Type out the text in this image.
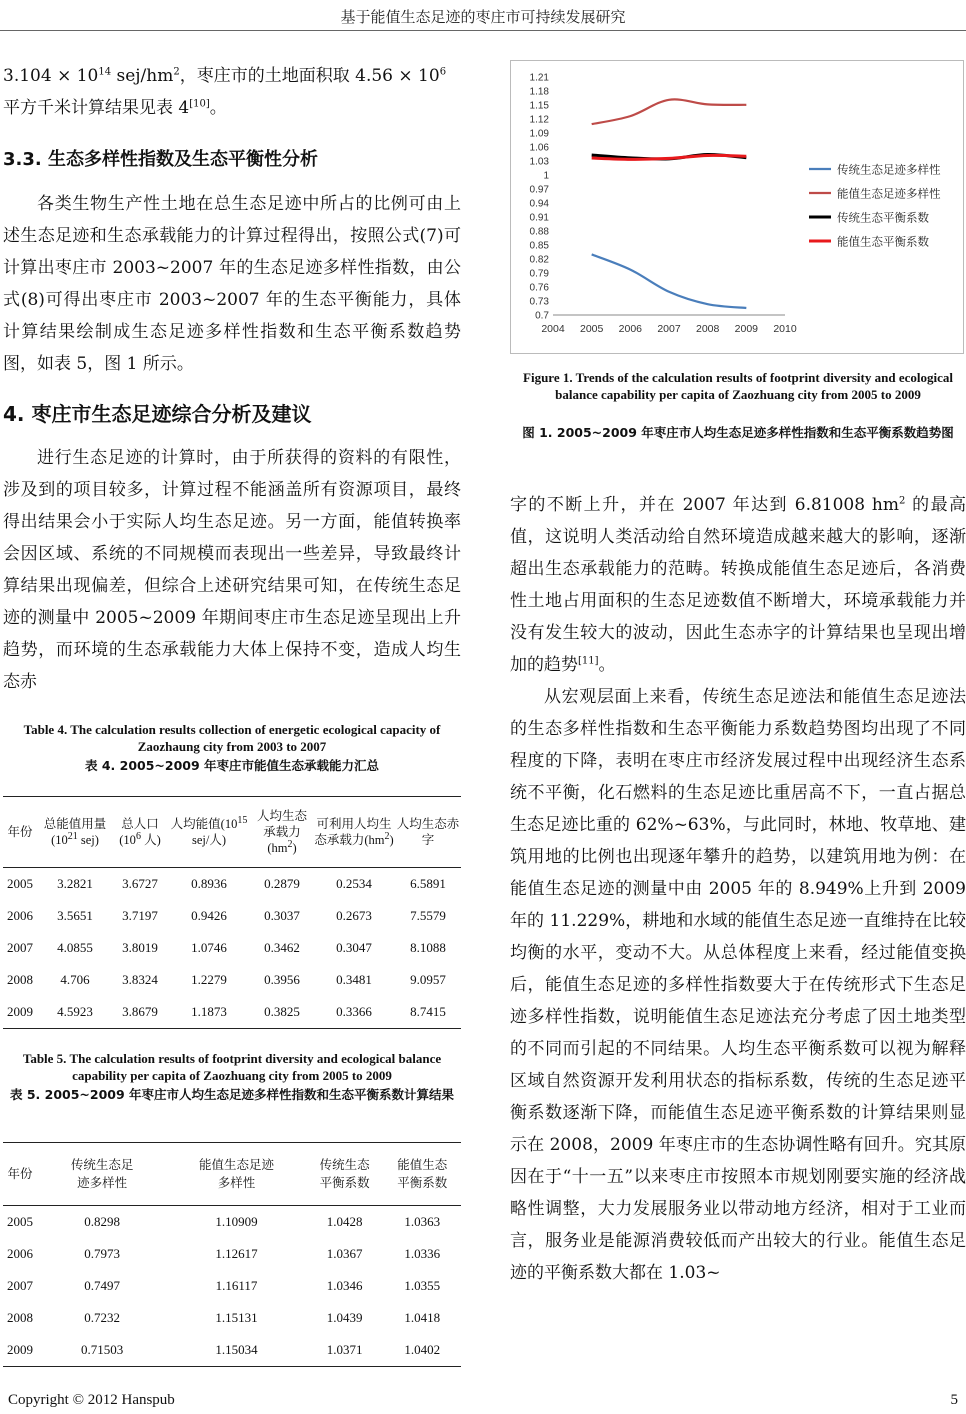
基于能值生态足迹的枣庄市可持续发展研究
$3.104 \times 10^{14}$ sej/$hm^2$，枣庄市的土地面积取 $4.56 \times 10^6$
平方千米计算结果见表 4[10]。
3.3. 生态多样性指数及生态平衡性分析

各类生物生产性土地在总生态足迹中所占的比例可由上述生态足迹和生态承载能力的计算过程得出，按照公式(7)可计算出枣庄市 2003~2007 年的生态足迹多样性指数，由公式(8)可得出枣庄市 2003~2007 年的生态平衡能力，具体计算结果绘制成生态足迹多样性指数和生态平衡系数趋势图，如表 5，图 1 所示。

4. 枣庄市生态足迹综合分析及建议

进行生态足迹的计算时，由于所获得的资料的有限性，涉及到的项目较多，计算过程不能涵盖所有资源项目，最终得出结果会小于实际人均生态足迹。另一方面，能值转换率会因区域、系统的不同规模而表现出一些差异，导致最终计算结果出现偏差，但综合上述研究结果可知，在传统生态足迹的测量中 2005~2009 年期间枣庄市生态足迹呈现出上升趋势，而环境的生态承载能力大体上保持不变，造成人均生态赤

Table 4. The calculation results collection of energetic ecological capacity of Zaozhaung city from 2003 to 2007
表 4. 2005~2009 年枣庄市能值生态承载能力汇总
年份	总能值用量($10^{21}$ sej)	总人口($10^6$ 人)	人均能值($10^{15}$ sej/人)	人均生态承载力$(hm^2)$	可利用人均生态承载力$(hm^2)$	人均生态赤字
2005	3.2821	3.6727	0.8936	0.2879	0.2534	6.5891
2006	3.5651	3.7197	0.9426	0.3037	0.2673	7.5579
2007	4.0855	3.8019	1.0746	0.3462	0.3047	8.1088
2008	4.706	3.8324	1.2279	0.3956	0.3481	9.0957
2009	4.5923	3.8679	1.1873	0.3825	0.3366	8.7415
Table 5. The calculation results of footprint diversity and ecological balance capability per capita of Zaozhuang city from 2005 to 2009
表 5. 2005~2009 年枣庄市人均生态足迹多样性指数和生态平衡系数计算结果
年份	传统生态足迹多样性	能值生态足迹多样性	传统生态平衡系数	能值生态平衡系数
2005	0.8298	1.10909	1.0428	1.0363
2006	0.7973	1.12617	1.0367	1.0336
2007	0.7497	1.16117	1.0346	1.0355
2008	0.7232	1.15131	1.0439	1.0418
2009	0.71503	1.15034	1.0371	1.0402
0.7
0.73
0.76
0.79
0.82
0.85
0.88
0.91
0.94
0.97
1
1.03
1.06
1.09
1.12
1.15
1.18
1.21
2004 2005 2006 2007 2008 2009 2010
传统生态足迹多样性
能值生态足迹多样性
传统生态平衡系数
能值生态平衡系数
Figure 1. Trends of the calculation results of footprint diversity and ecological balance capability per capita of Zaozhuang city from 2005 to 2009
图 1. 2005~2009 年枣庄市人均生态足迹多样性指数和生态平衡系数趋势图

字的不断上升，并在 2007 年达到 6.81008 $hm^2$ 的最高值，这说明人类活动给自然环境造成越来越大的影响，逐渐超出生态承载能力的范畴。转换成能值生态足迹后，各消费性土地占用面积的生态足迹数值不断增大，环境承载能力并没有发生较大的波动，因此生态赤字的计算结果也呈现出增加的趋势[11]。

从宏观层面上来看，传统生态足迹法和能值生态足迹法的生态多样性指数和生态平衡能力系数趋势图均出现了不同程度的下降，表明在枣庄市经济发展过程中出现经济生态系统不平衡，化石燃料的生态足迹比重居高不下，一直占据总生态足迹比重的 62%~63%，与此同时，林地、牧草地、建筑用地的比例也出现逐年攀升的趋势，以建筑用地为例：在能值生态足迹的测量中由 2005 年的 8.949%上升到 2009 年的 11.229%，耕地和水域的能值生态足迹一直维持在比较均衡的水平，变动不大。从总体程度上来看，经过能值变换后，能值生态足迹的多样性指数要大于在传统形式下生态足迹多样性指数，说明能值生态足迹法充分考虑了因土地类型的不同而引起的不同结果。人均生态平衡系数可以视为解释区域自然资源开发利用状态的指标系数，传统的生态足迹平衡系数逐渐下降，而能值生态足迹平衡系数的计算结果则显示在 2008，2009 年枣庄市的生态协调性略有回升。究其原因在于“十一五”以来枣庄市按照本市规划刚要实施的经济战略性调整，大力发展服务业以带动地方经济，相对于工业而言，服务业是能源消费较低而产出较大的行业。能值生态足迹的平衡系数大都在 1.03~

Copyright © 2012 Hanspub	5
